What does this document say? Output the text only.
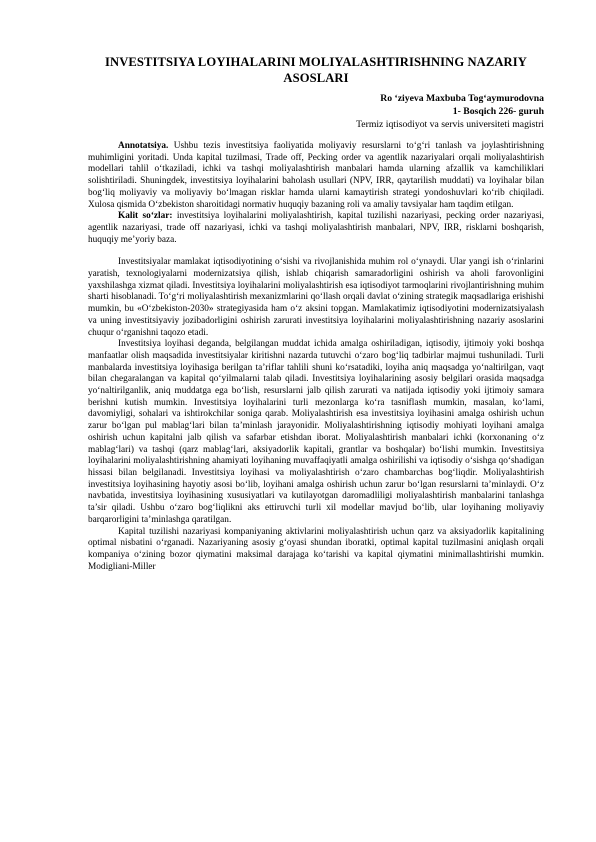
INVESTITSIYA LOYIHALARINI MOLIYALASHTIRISHNING NAZARIY ASOSLARI
Ro ‘ziyeva Maxbuba Tog‘aymurodovna
1- Bosqich 226- guruh
Termiz iqtisodiyot va servis universiteti magistri

Annotatsiya. Ushbu tezis investitsiya faoliyatida moliyaviy resurslarni to‘g‘ri tanlash va joylashtirishning muhimligini yoritadi. Unda kapital tuzilmasi, Trade off, Pecking order va agentlik nazariyalari orqali moliyalashtirish modellari tahlil o‘tkaziladi, ichki va tashqi moliyalashtirish manbalari hamda ularning afzallik va kamchiliklari solishtiriladi. Shuningdek, investitsiya loyihalarini baholash usullari (NPV, IRR, qaytarilish muddati) va loyihalar bilan bog‘liq moliyaviy va moliyaviy bo‘lmagan risklar hamda ularni kamaytirish strategi yondoshuvlari ko‘rib chiqiladi. Xulosa qismida O‘zbekiston sharoitidagi normativ huquqiy bazaning roli va amaliy tavsiyalar ham taqdim etilgan.

Kalit so‘zlar: investitsiya loyihalarini moliyalashtirish, kapital tuzilishi nazariyasi, pecking order nazariyasi, agentlik nazariyasi, trade off nazariyasi, ichki va tashqi moliyalashtirish manbalari, NPV, IRR, risklarni boshqarish, huquqiy me’yoriy baza.

Investitsiyalar mamlakat iqtisodiyotining o‘sishi va rivojlanishida muhim rol o‘ynaydi. Ular yangi ish o‘rinlarini yaratish, texnologiyalarni modernizatsiya qilish, ishlab chiqarish samaradorligini oshirish va aholi farovonligini yaxshilashga xizmat qiladi. Investitsiya loyihalarini moliyalashtirish esa iqtisodiyot tarmoqlarini rivojlantirishning muhim sharti hisoblanadi. To‘g‘ri moliyalashtirish mexanizmlarini qo‘llash orqali davlat o‘zining strategik maqsadlariga erishishi mumkin, bu «O‘zbekiston-2030» strategiyasida ham o‘z aksini topgan. Mamlakatimiz iqtisodiyotini modernizatsiyalash va uning investitsiyaviy jozibadorligini oshirish zarurati investitsiya loyihalarini moliyalashtirishning nazariy asoslarini chuqur o‘rganishni taqozo etadi.

Investitsiya loyihasi deganda, belgilangan muddat ichida amalga oshiriladigan, iqtisodiy, ijtimoiy yoki boshqa manfaatlar olish maqsadida investitsiyalar kiritishni nazarda tutuvchi o‘zaro bog‘liq tadbirlar majmui tushuniladi. Turli manbalarda investitsiya loyihasiga berilgan ta’riflar tahlili shuni ko‘rsatadiki, loyiha aniq maqsadga yo‘naltirilgan, vaqt bilan chegaralangan va kapital qo‘yilmalarni talab qiladi. Investitsiya loyihalarining asosiy belgilari orasida maqsadga yo‘naltirilganlik, aniq muddatga ega bo‘lish, resurslarni jalb qilish zarurati va natijada iqtisodiy yoki ijtimoiy samara berishni kutish mumkin. Investitsiya loyihalarini turli mezonlarga ko‘ra tasniflash mumkin, masalan, ko‘lami, davomiyligi, sohalari va ishtirokchilar soniga qarab. Moliyalashtirish esa investitsiya loyihasini amalga oshirish uchun zarur bo‘lgan pul mablag‘lari bilan ta’minlash jarayonidir. Moliyalashtirishning iqtisodiy mohiyati loyihani amalga oshirish uchun kapitalni jalb qilish va safarbar etishdan iborat. Moliyalashtirish manbalari ichki (korxonaning o‘z mablag‘lari) va tashqi (qarz mablag‘lari, aksiyadorlik kapitali, grantlar va boshqalar) bo‘lishi mumkin. Investitsiya loyihalarini moliyalashtirishning ahamiyati loyihaning muvaffaqiyatli amalga oshirilishi va iqtisodiy o‘sishga qo‘shadigan hissasi bilan belgilanadi. Investitsiya loyihasi va moliyalashtirish o‘zaro chambarchas bog‘liqdir. Moliyalashtirish investitsiya loyihasining hayotiy asosi bo‘lib, loyihani amalga oshirish uchun zarur bo‘lgan resurslarni ta’minlaydi. O‘z navbatida, investitsiya loyihasining xususiyatlari va kutilayotgan daromadliligi moliyalashtirish manbalarini tanlashga ta’sir qiladi. Ushbu o‘zaro bog‘liqlikni aks ettiruvchi turli xil modellar mavjud bo‘lib, ular loyihaning moliyaviy barqarorligini ta’minlashga qaratilgan.

Kapital tuzilishi nazariyasi kompaniyaning aktivlarini moliyalashtirish uchun qarz va aksiyadorlik kapitalining optimal nisbatini o‘rganadi. Nazariyaning asosiy g‘oyasi shundan iboratki, optimal kapital tuzilmasini aniqlash orqali kompaniya o‘zining bozor qiymatini maksimal darajaga ko‘tarishi va kapital qiymatini minimallashtirishi mumkin. Modigliani-Miller
